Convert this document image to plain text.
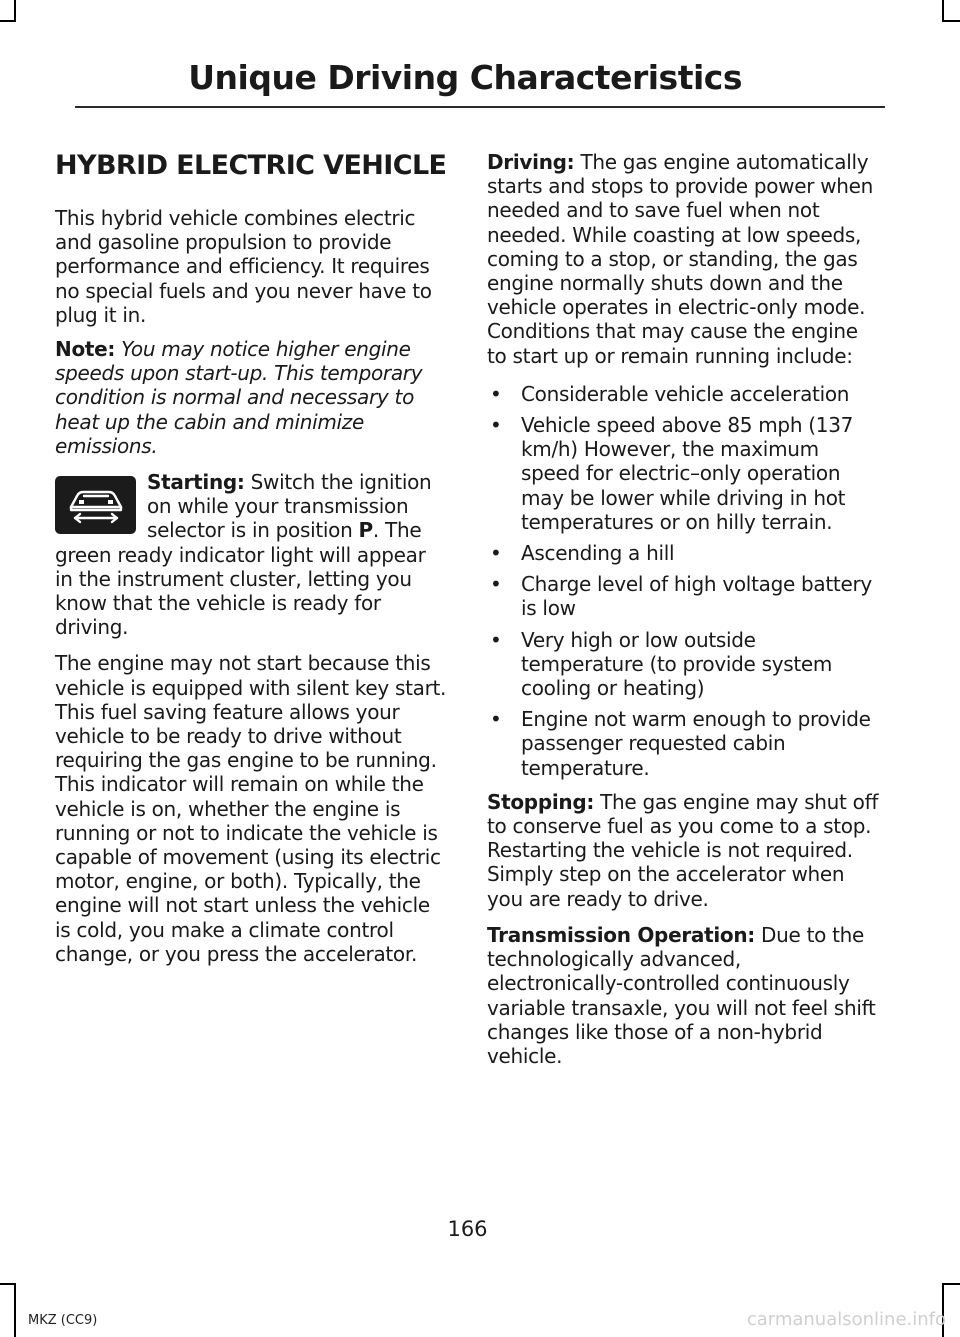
Unique Driving Characteristics
HYBRID ELECTRIC VEHICLE

This hybrid vehicle combines electric and gasoline propulsion to provide performance and efficiency. It requires no special fuels and you never have to plug it in.

Note: You may notice higher engine speeds upon start-up. This temporary condition is normal and necessary to heat up the cabin and minimize emissions.

Starting: Switch the ignition on while your transmission selector is in position P. The green ready indicator light will appear in the instrument cluster, letting you know that the vehicle is ready for driving.

The engine may not start because this vehicle is equipped with silent key start. This fuel saving feature allows your vehicle to be ready to drive without requiring the gas engine to be running. This indicator will remain on while the vehicle is on, whether the engine is running or not to indicate the vehicle is capable of movement (using its electric motor, engine, or both). Typically, the engine will not start unless the vehicle is cold, you make a climate control change, or you press the accelerator.

Driving: The gas engine automatically starts and stops to provide power when needed and to save fuel when not needed. While coasting at low speeds, coming to a stop, or standing, the gas engine normally shuts down and the vehicle operates in electric-only mode. Conditions that may cause the engine to start up or remain running include:

• Considerable vehicle acceleration
• Vehicle speed above 85 mph (137 km/h) However, the maximum speed for electric–only operation may be lower while driving in hot temperatures or on hilly terrain.
• Ascending a hill
• Charge level of high voltage battery is low
• Very high or low outside temperature (to provide system cooling or heating)
• Engine not warm enough to provide passenger requested cabin temperature.

Stopping: The gas engine may shut off to conserve fuel as you come to a stop. Restarting the vehicle is not required. Simply step on the accelerator when you are ready to drive.

Transmission Operation: Due to the technologically advanced, electronically-controlled continuously variable transaxle, you will not feel shift changes like those of a non-hybrid vehicle.

166
MKZ (CC9)	carmanualsonline.info
